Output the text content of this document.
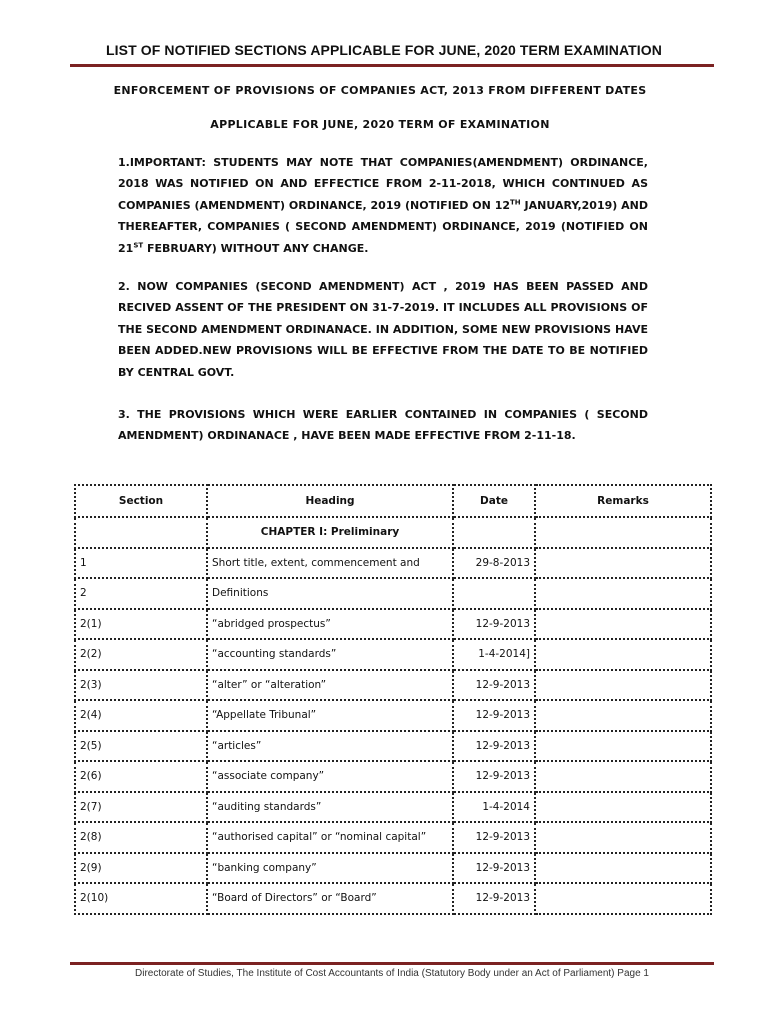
LIST OF NOTIFIED SECTIONS APPLICABLE FOR JUNE, 2020 TERM EXAMINATION
ENFORCEMENT OF PROVISIONS OF COMPANIES ACT, 2013 FROM DIFFERENT DATES
APPLICABLE FOR JUNE, 2020 TERM OF EXAMINATION
1.IMPORTANT: STUDENTS MAY NOTE THAT COMPANIES(AMENDMENT) ORDINANCE, 2018 WAS NOTIFIED ON AND EFFECTICE FROM 2-11-2018, WHICH CONTINUED AS COMPANIES (AMENDMENT) ORDINANCE, 2019 (NOTIFIED ON 12TH JANUARY,2019) AND THEREAFTER, COMPANIES ( SECOND AMENDMENT) ORDINANCE, 2019 (NOTIFIED ON 21ST FEBRUARY) WITHOUT ANY CHANGE.
2. NOW COMPANIES (SECOND AMENDMENT) ACT , 2019 HAS BEEN PASSED AND RECIVED ASSENT OF THE PRESIDENT ON 31-7-2019. IT INCLUDES ALL PROVISIONS OF THE SECOND AMENDMENT ORDINANACE. IN ADDITION, SOME NEW PROVISIONS HAVE BEEN ADDED.NEW PROVISIONS WILL BE EFFECTIVE FROM THE DATE TO BE NOTIFIED BY CENTRAL GOVT.
3. THE PROVISIONS WHICH WERE EARLIER CONTAINED IN COMPANIES ( SECOND AMENDMENT) ORDINANACE , HAVE BEEN MADE EFFECTIVE FROM 2-11-18.
Section	Heading	Date	Remarks
	CHAPTER I: Preliminary		
1	Short title, extent, commencement and	29-8-2013	
2	Definitions		
2(1)	“abridged prospectus”	12-9-2013	
2(2)	“accounting standards”	1-4-2014]	
2(3)	“alter” or “alteration”	12-9-2013	
2(4)	“Appellate Tribunal”	12-9-2013	
2(5)	“articles”	12-9-2013	
2(6)	“associate company”	12-9-2013	
2(7)	“auditing standards”	1-4-2014	
2(8)	“authorised capital” or “nominal capital”	12-9-2013	
2(9)	“banking company”	12-9-2013	
2(10)	“Board of Directors” or “Board”	12-9-2013	
Directorate of Studies, The Institute of Cost Accountants of India (Statutory Body under an Act of Parliament) Page 1
